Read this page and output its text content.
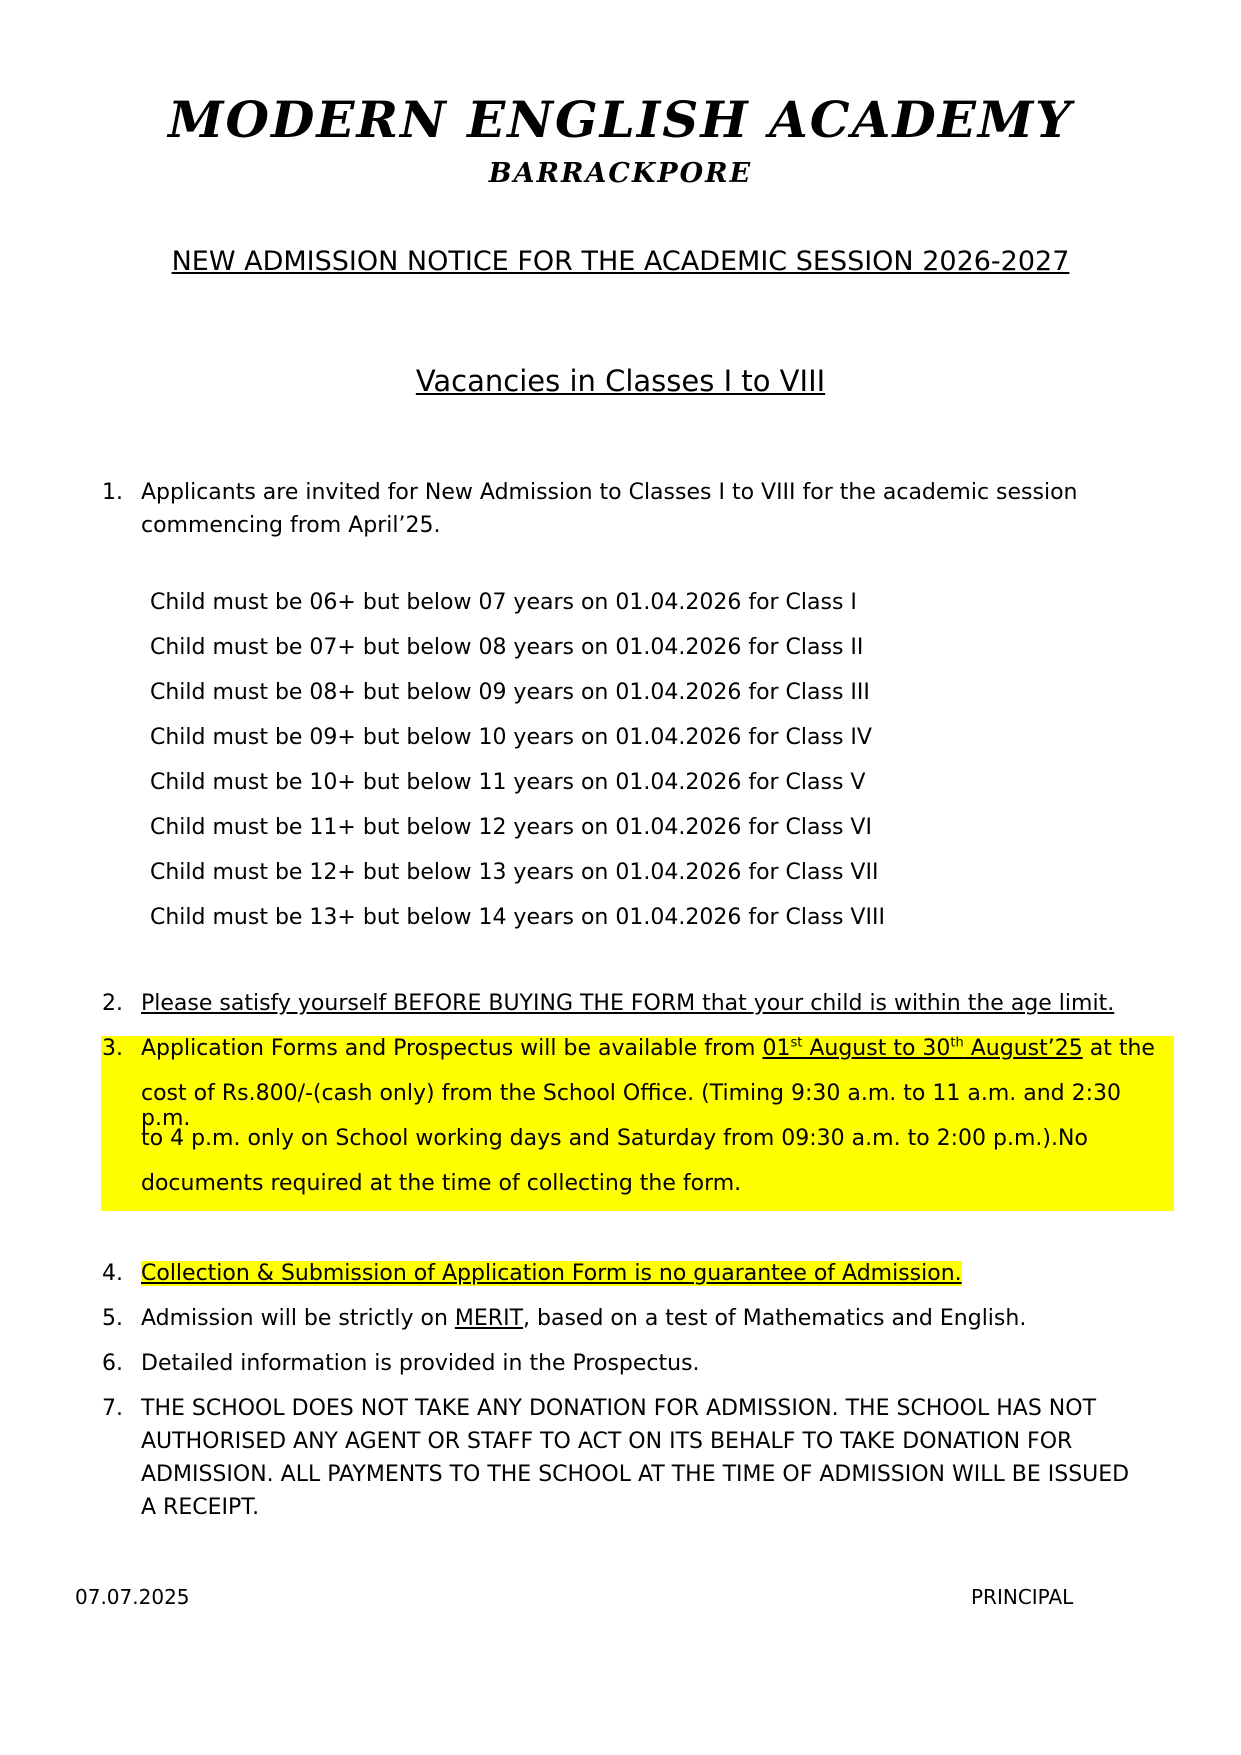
MODERN ENGLISH ACADEMY
BARRACKPORE
NEW ADMISSION NOTICE FOR THE ACADEMIC SESSION 2026-2027
Vacancies in Classes I to VIII
1. Applicants are invited for New Admission to Classes I to VIII for the academic session
commencing from April’25.
Child must be 06+ but below 07 years on 01.04.2026 for Class I
Child must be 07+ but below 08 years on 01.04.2026 for Class II
Child must be 08+ but below 09 years on 01.04.2026 for Class III
Child must be 09+ but below 10 years on 01.04.2026 for Class IV
Child must be 10+ but below 11 years on 01.04.2026 for Class V
Child must be 11+ but below 12 years on 01.04.2026 for Class VI
Child must be 12+ but below 13 years on 01.04.2026 for Class VII
Child must be 13+ but below 14 years on 01.04.2026 for Class VIII
2. Please satisfy yourself BEFORE BUYING THE FORM that your child is within the age limit.
3. Application Forms and Prospectus will be available from 01st August to 30th August’25 at the
cost of Rs.800/-(cash only) from the School Office. (Timing 9:30 a.m. to 11 a.m. and 2:30 p.m.
to 4 p.m. only on School working days and Saturday from 09:30 a.m. to 2:00 p.m.).No
documents required at the time of collecting the form.
4. Collection & Submission of Application Form is no guarantee of Admission.
5. Admission will be strictly on MERIT, based on a test of Mathematics and English.
6. Detailed information is provided in the Prospectus.
7. THE SCHOOL DOES NOT TAKE ANY DONATION FOR ADMISSION. THE SCHOOL HAS NOT
AUTHORISED ANY AGENT OR STAFF TO ACT ON ITS BEHALF TO TAKE DONATION FOR
ADMISSION. ALL PAYMENTS TO THE SCHOOL AT THE TIME OF ADMISSION WILL BE ISSUED
A RECEIPT.
07.07.2025	PRINCIPAL
